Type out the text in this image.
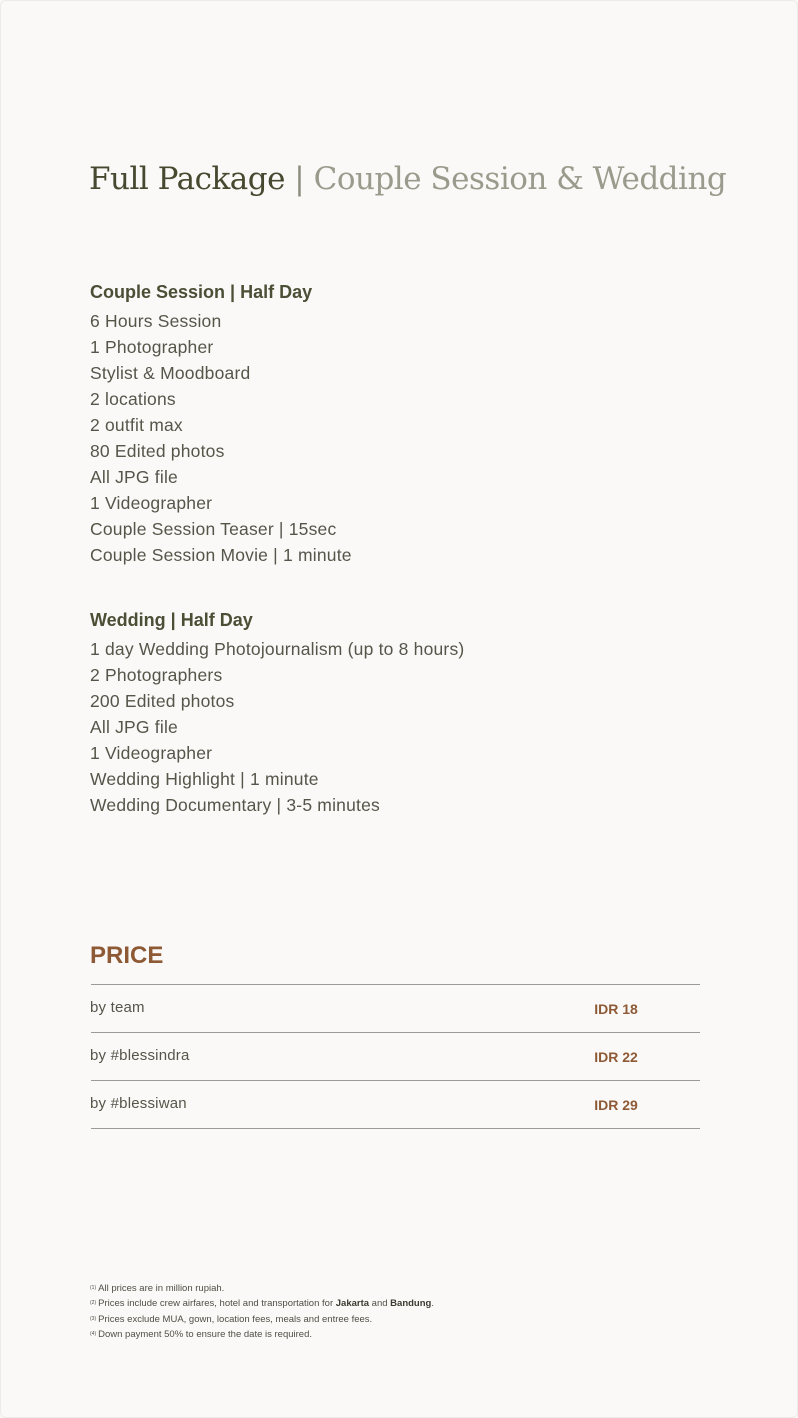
Full Package | Couple Session & Wedding
Couple Session | Half Day
6 Hours Session
1 Photographer
Stylist & Moodboard
2 locations
2 outfit max
80 Edited photos
All JPG file
1 Videographer
Couple Session Teaser | 15sec
Couple Session Movie | 1 minute
Wedding | Half Day
1 day Wedding Photojournalism (up to 8 hours)
2 Photographers
200 Edited photos
All JPG file
1 Videographer
Wedding Highlight | 1 minute
Wedding Documentary | 3-5 minutes
PRICE
by team	IDR 18
by #blessindra	IDR 22
by #blessiwan	IDR 29
(1) All prices are in million rupiah.
(2) Prices include crew airfares, hotel and transportation for Jakarta and Bandung.
(3) Prices exclude MUA, gown, location fees, meals and entree fees.
(4) Down payment 50% to ensure the date is required.
